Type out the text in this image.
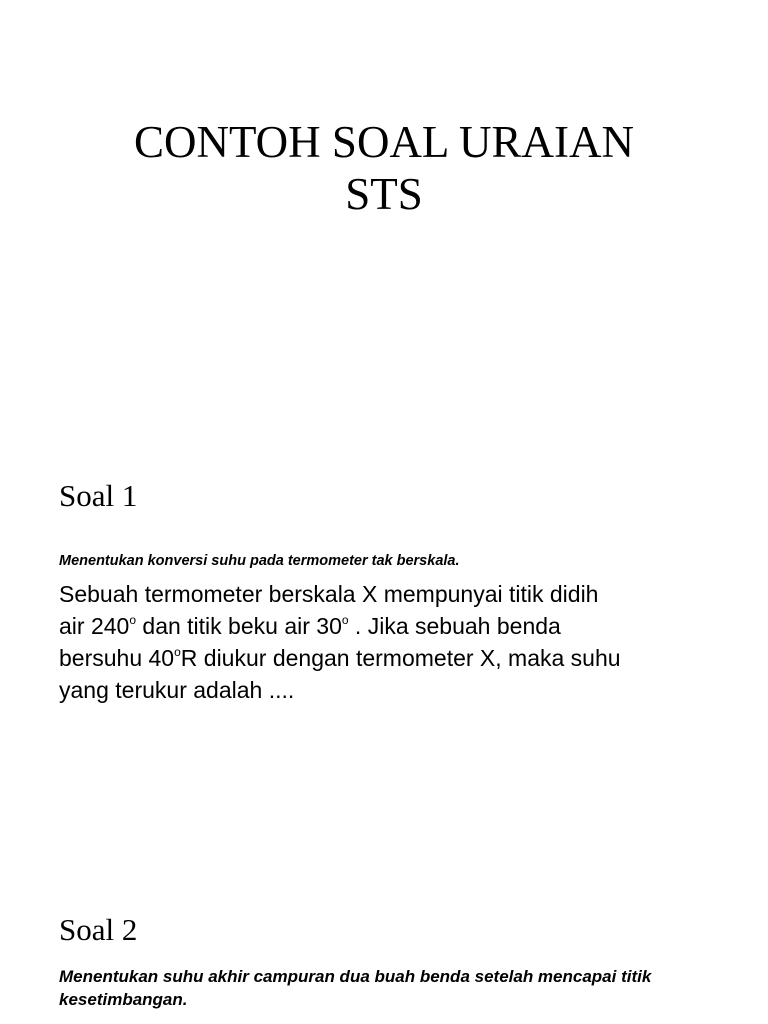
CONTOH SOAL URAIAN
STS
Soal 1

Menentukan konversi suhu pada termometer tak berskala.

Sebuah termometer berskala X mempunyai titik didih
air 240$^o$ dan titik beku air 30$^o$ . Jika sebuah benda
bersuhu 40$^o$R diukur dengan termometer X, maka suhu
yang terukur adalah ....

Soal 2

Menentukan suhu akhir campuran dua buah benda setelah mencapai titik kesetimbangan.
